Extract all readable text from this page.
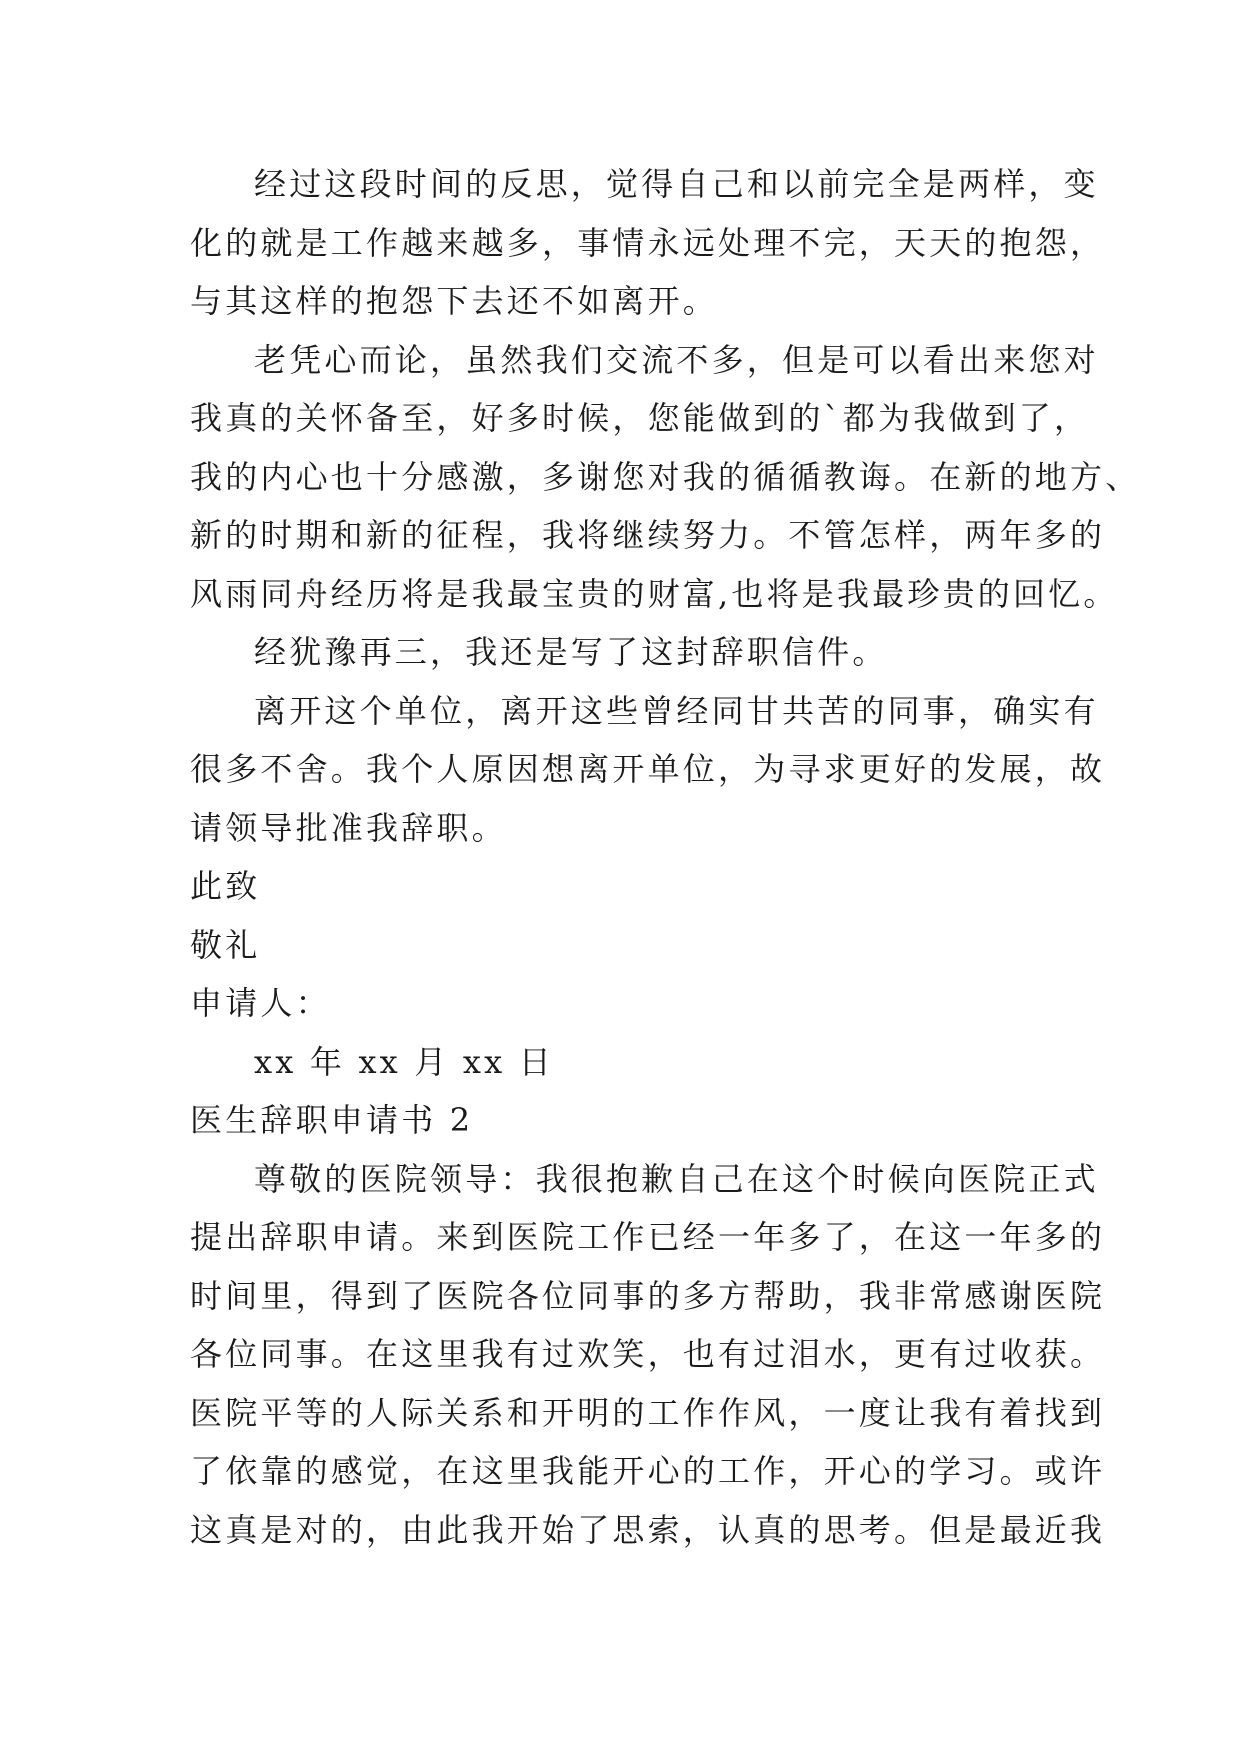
经过这段时间的反思，觉得自己和以前完全是两样，变
化的就是工作越来越多，事情永远处理不完，天天的抱怨，
与其这样的抱怨下去还不如离开。
老凭心而论，虽然我们交流不多，但是可以看出来您对
我真的关怀备至，好多时候，您能做到的`都为我做到了，
我的内心也十分感激，多谢您对我的循循教诲。在新的地方、
新的时期和新的征程，我将继续努力。不管怎样，两年多的
风雨同舟经历将是我最宝贵的财富,也将是我最珍贵的回忆。
经犹豫再三，我还是写了这封辞职信件。
离开这个单位，离开这些曾经同甘共苦的同事，确实有
很多不舍。我个人原因想离开单位，为寻求更好的发展，故
请领导批准我辞职。
此致
敬礼
申请人：
xx 年 xx 月 xx 日
医生辞职申请书 2
尊敬的医院领导：我很抱歉自己在这个时候向医院正式
提出辞职申请。来到医院工作已经一年多了，在这一年多的
时间里，得到了医院各位同事的多方帮助，我非常感谢医院
各位同事。在这里我有过欢笑，也有过泪水，更有过收获。
医院平等的人际关系和开明的工作作风，一度让我有着找到
了依靠的感觉，在这里我能开心的工作，开心的学习。或许
这真是对的，由此我开始了思索，认真的思考。但是最近我
